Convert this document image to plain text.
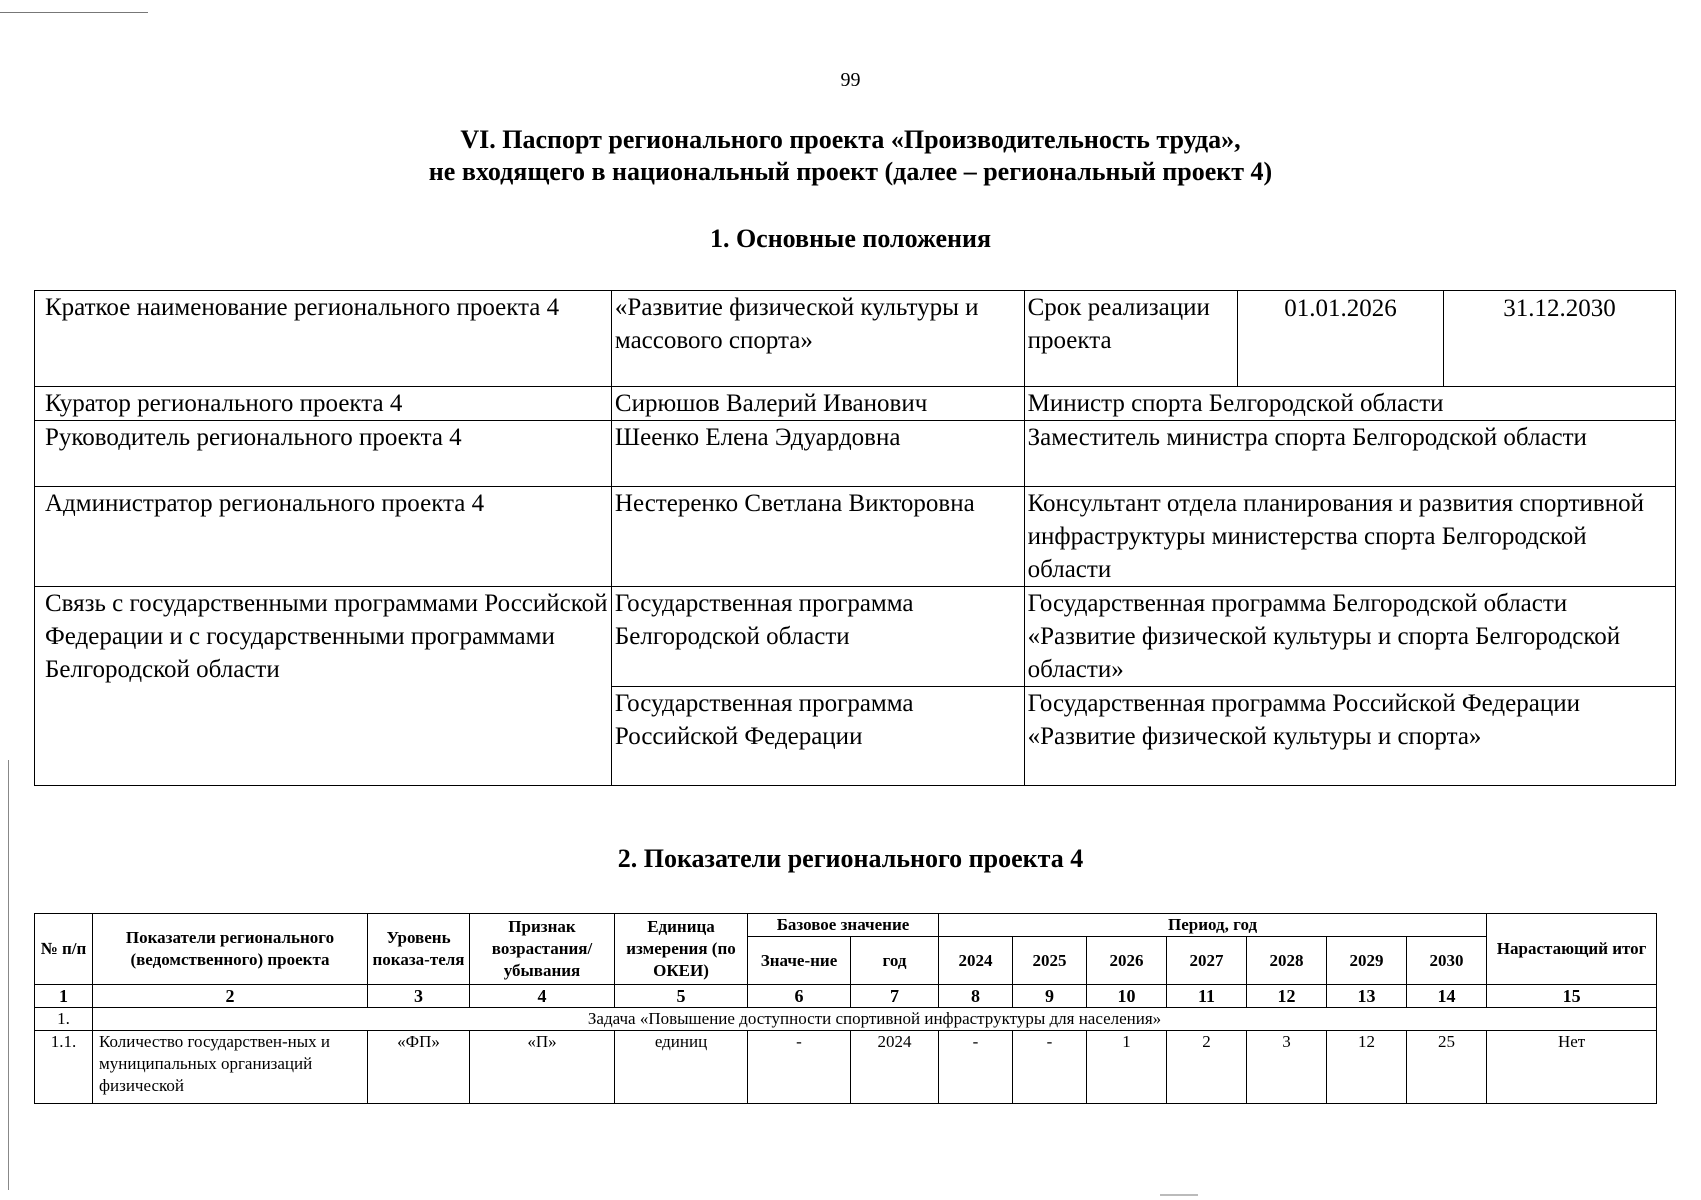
99
VI. Паспорт регионального проекта «Производительность труда»,
не входящего в национальный проект (далее – региональный проект 4)
1. Основные положения
Краткое наименование регионального проекта 4	«Развитие физической культуры и массового спорта»	Срок реализации проекта	01.01.2026	31.12.2030
Куратор регионального проекта 4	Сирюшов Валерий Иванович	Министр спорта Белгородской области		
Руководитель регионального проекта 4	Шеенко Елена Эдуардовна	Заместитель министра спорта Белгородской области		
Администратор регионального проекта 4	Нестеренко Светлана Викторовна	Консультант отдела планирования и развития спортивной инфраструктуры министерства спорта Белгородской области		
Связь с государственными программами Российской Федерации и с государственными программами Белгородской области	Государственная программа Белгородской области	Государственная программа Белгородской области «Развитие физической культуры и спорта Белгородской области»		
	Государственная программа Российской Федерации	Государственная программа Российской Федерации «Развитие физической культуры и спорта»		
2. Показатели регионального проекта 4
№ п/п	Показатели регионального (ведомственного) проекта	Уровень показа-теля	Признак возрастания/ убывания	Единица измерения (по ОКЕИ)	Базовое значение		Период, год							Нарастающий итог
					Значе-ние	год	2024	2025	2026	2027	2028	2029	2030	
1	2	3	4	5	6	7	8	9	10	11	12	13	14	15
1.	Задача «Повышение доступности спортивной инфраструктуры для населения»													
1.1.	Количество государствен-ных и муниципальных организаций физической	«ФП»	«П»	единиц	-	2024	-	-	1	2	3	12	25	Нет
